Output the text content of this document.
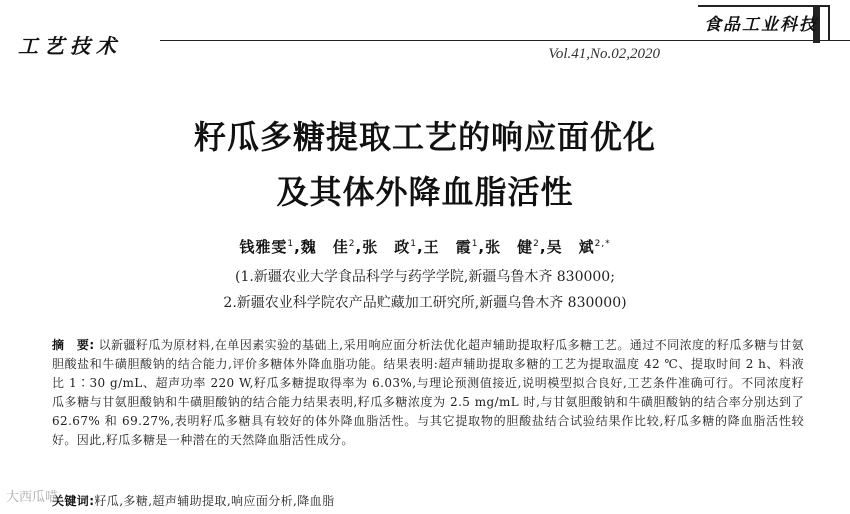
工艺技术
食品工业科技
Vol.41,No.02,2020
籽瓜多糖提取工艺的响应面优化
及其体外降血脂活性
钱雅雯$^1$,魏　佳$^2$,张　政$^1$,王　霞$^1$,张　健$^2$,吴　斌$^{2,*}$
(1.新疆农业大学食品科学与药学学院,新疆乌鲁木齐 830000;
2.新疆农业科学院农产品贮藏加工研究所,新疆乌鲁木齐 830000)
摘　要: 以新疆籽瓜为原材料,在单因素实验的基础上,采用响应面分析法优化超声辅助提取籽瓜多糖工艺。通过不同浓度的籽瓜多糖与甘氨胆酸盐和牛磺胆酸钠的结合能力,评价多糖体外降血脂功能。结果表明:超声辅助提取多糖的工艺为提取温度 42 ℃、提取时间 2 h、料液比 1∶30 g/mL、超声功率 220 W,籽瓜多糖提取得率为 6.03%,与理论预测值接近,说明模型拟合良好,工艺条件准确可行。不同浓度籽瓜多糖与甘氨胆酸钠和牛磺胆酸钠的结合能力结果表明,籽瓜多糖浓度为 2.5 mg/mL 时,与甘氨胆酸钠和牛磺胆酸钠的结合率分别达到了 62.67% 和 69.27%,表明籽瓜多糖具有较好的体外降血脂活性。与其它提取物的胆酸盐结合试验结果作比较,籽瓜多糖的降血脂活性较好。因此,籽瓜多糖是一种潜在的天然降血脂活性成分。
关键词:籽瓜,多糖,超声辅助提取,响应面分析,降血脂
大西瓜喵
